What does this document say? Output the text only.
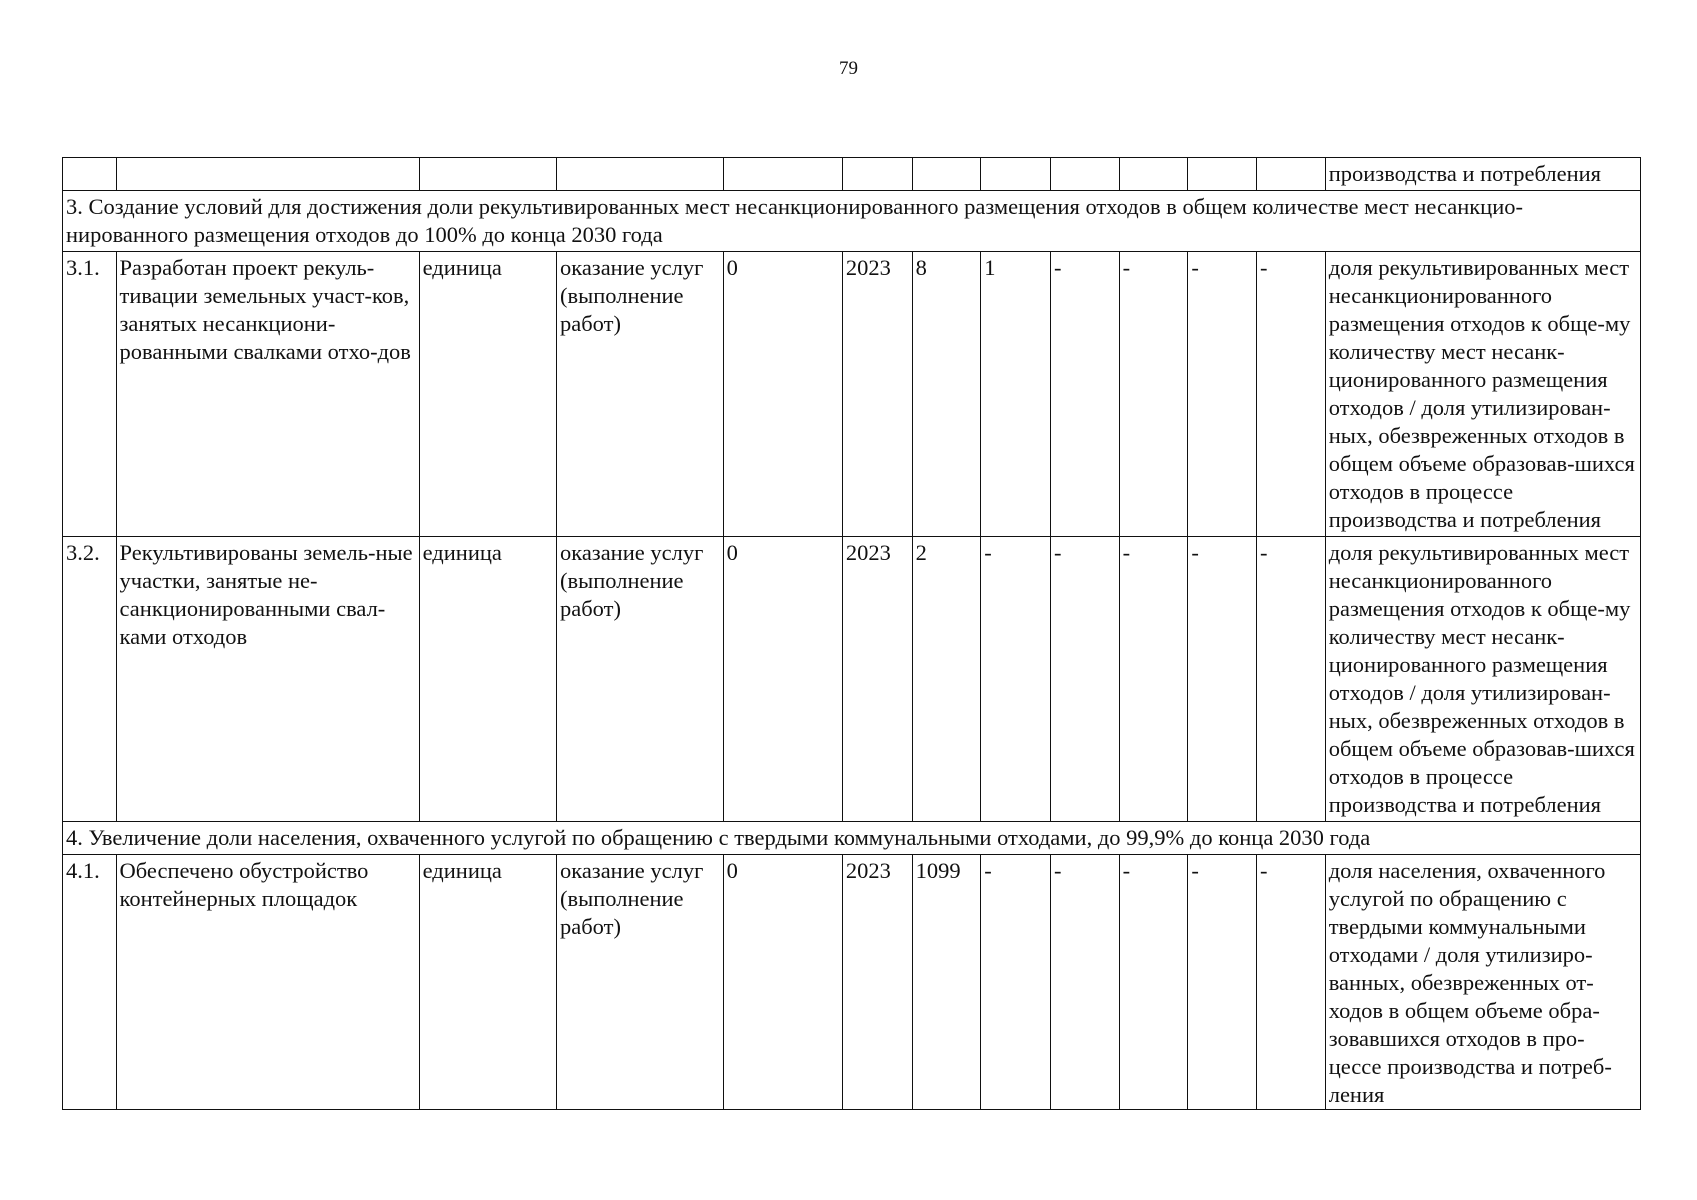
79
												производства и потребления
3. Создание условий для достижения доли рекультивированных мест несанкционированного размещения отходов в общем количестве мест несанкцио-нированного размещения отходов до 100% до конца 2030 года												
3.1.	Разработан проект рекуль-тивации земельных участ-ков, занятых несанкциони-рованными свалками отхо-дов	единица	оказание услуг (выполнение работ)	0	2023	8	1	-	-	-	-	доля рекультивированных мест несанкционированного размещения отходов к обще-му количеству мест несанк-ционированного размещения отходов / доля утилизирован-ных, обезвреженных отходов в общем объеме образовав-шихся отходов в процессе производства и потребления
3.2.	Рекультивированы земель-ные участки, занятые не-санкционированными свал-ками отходов	единица	оказание услуг (выполнение работ)	0	2023	2	-	-	-	-	-	доля рекультивированных мест несанкционированного размещения отходов к обще-му количеству мест несанк-ционированного размещения отходов / доля утилизирован-ных, обезвреженных отходов в общем объеме образовав-шихся отходов в процессе производства и потребления
4. Увеличение доли населения, охваченного услугой по обращению с твердыми коммунальными отходами, до 99,9% до конца 2030 года												
4.1.	Обеспечено обустройство контейнерных площадок	единица	оказание услуг (выполнение работ)	0	2023	1099	-	-	-	-	-	доля населения, охваченного услугой по обращению с твердыми коммунальными отходами / доля утилизиро-ванных, обезвреженных от-ходов в общем объеме обра-зовавшихся отходов в про-цессе производства и потреб-ления
